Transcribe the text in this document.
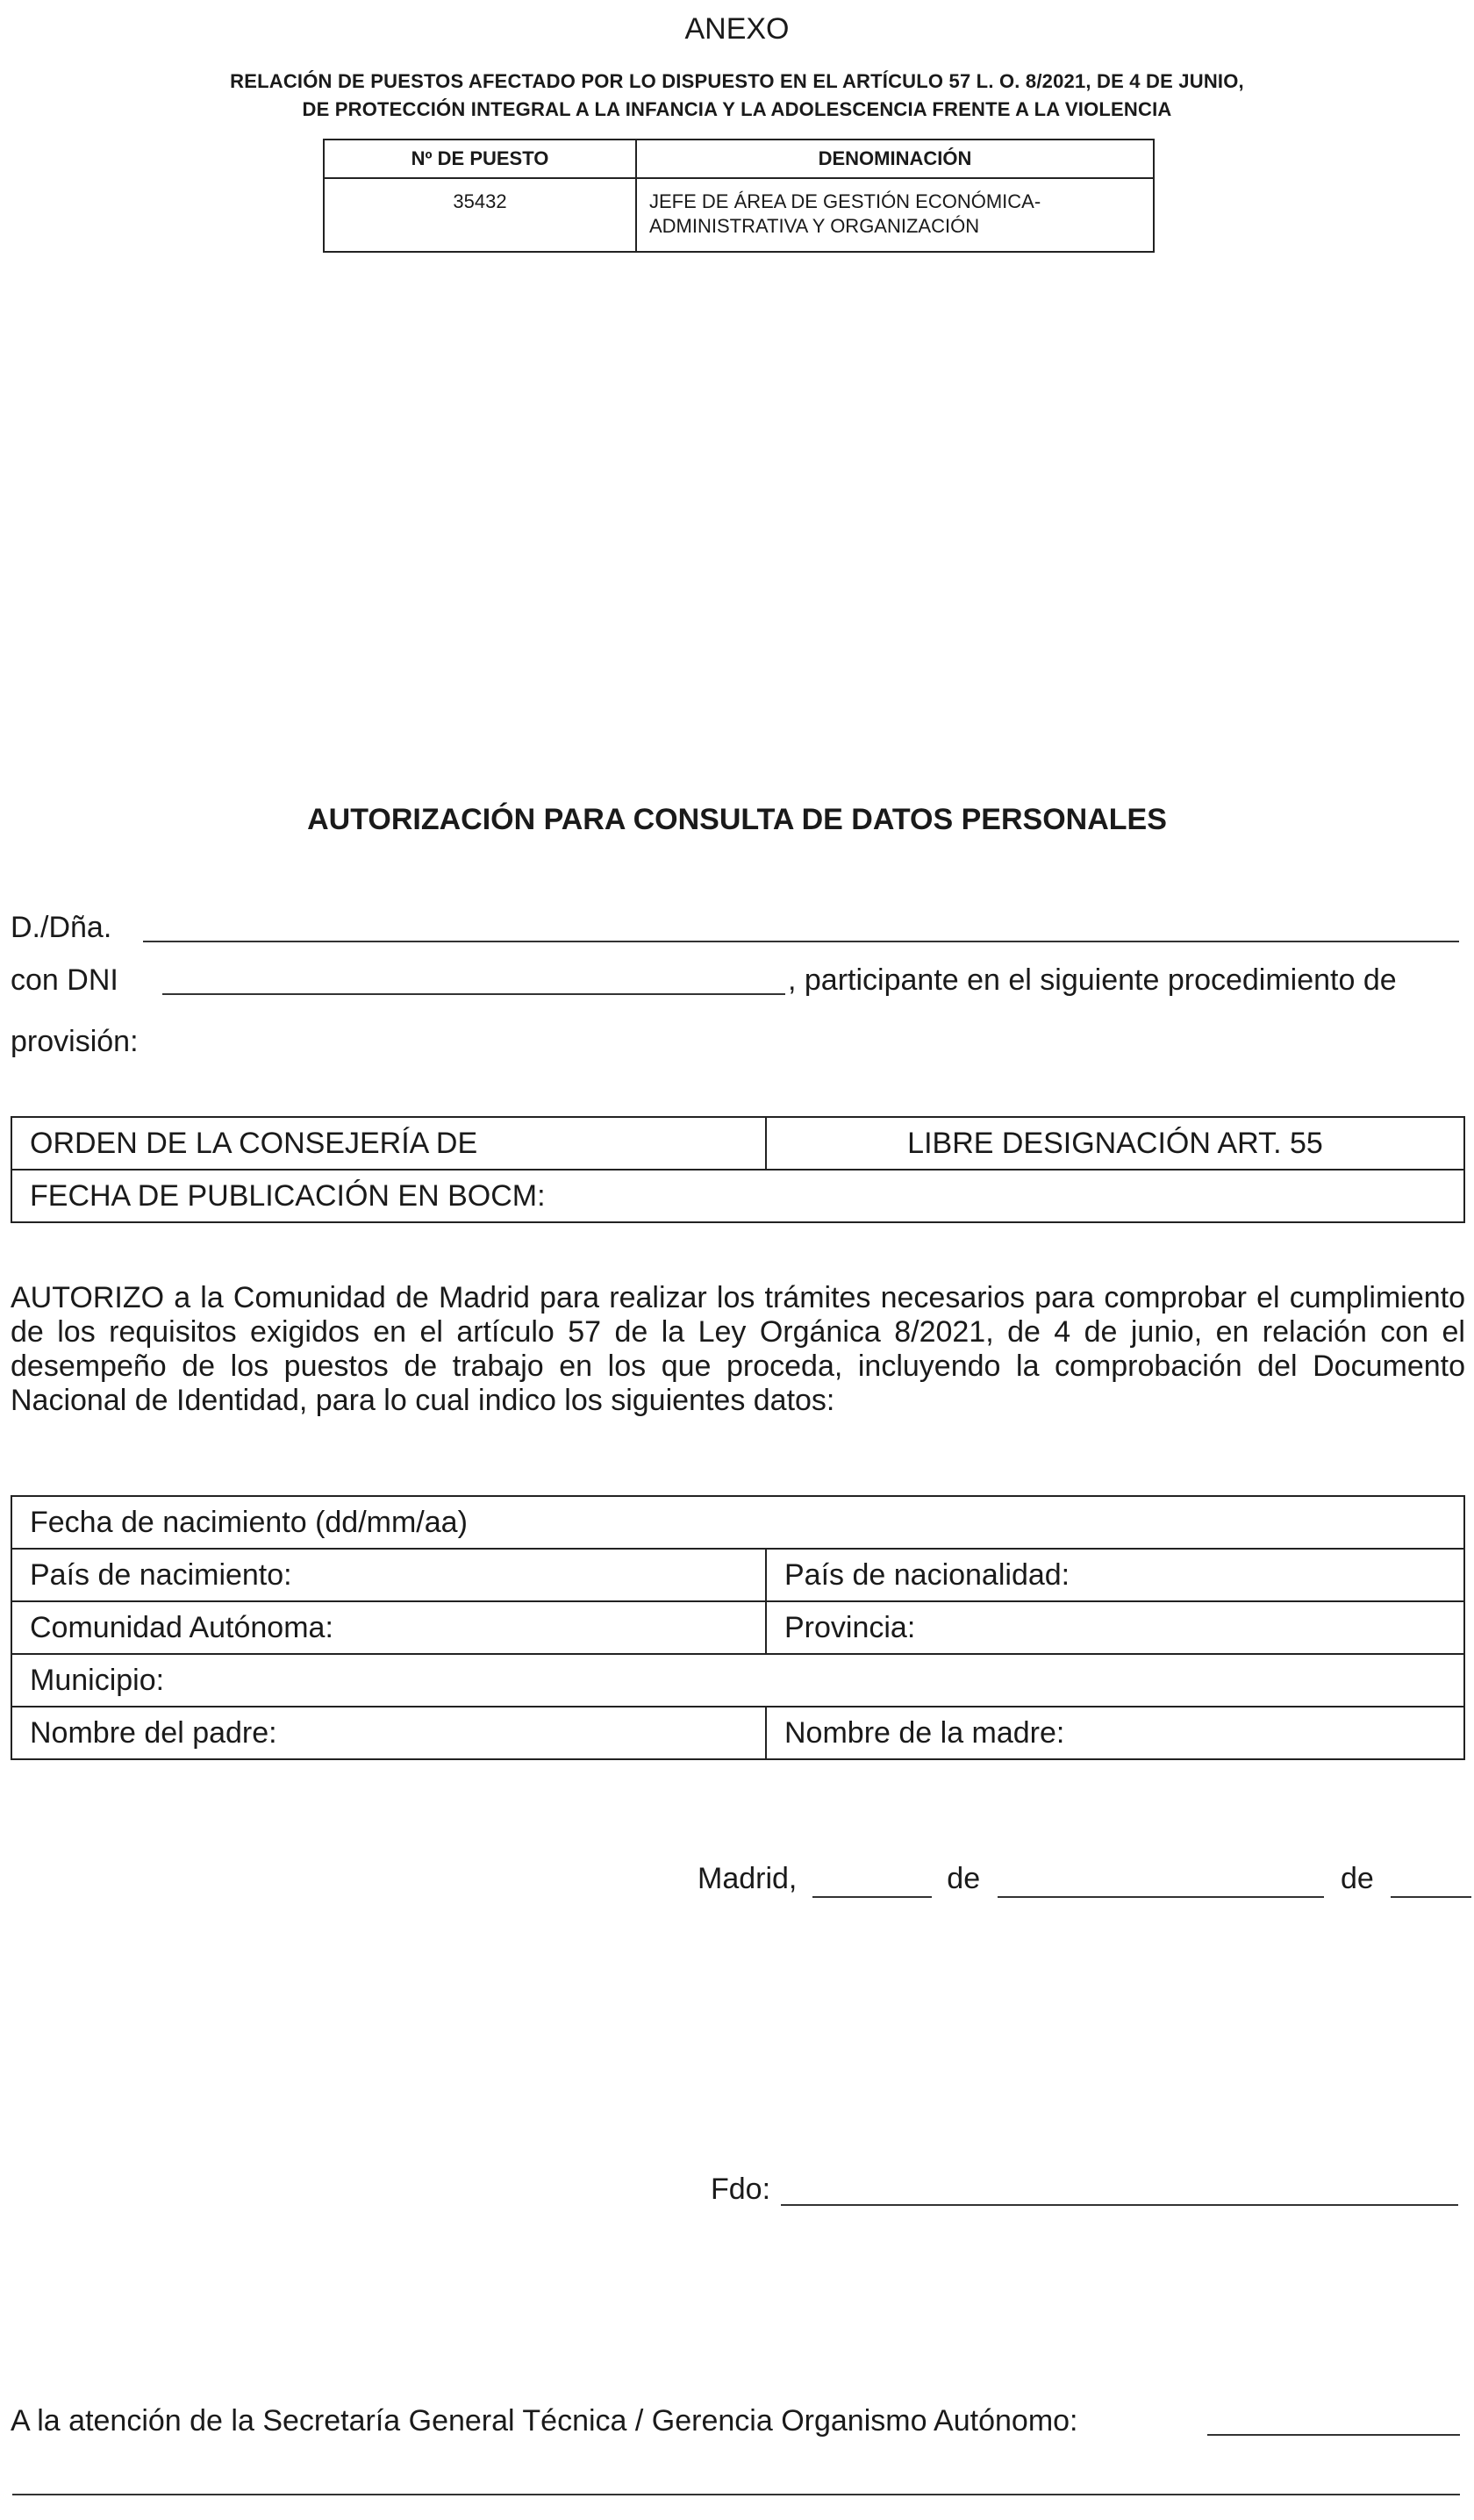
ANEXO
RELACIÓN DE PUESTOS AFECTADO POR LO DISPUESTO EN EL ARTÍCULO 57 L. O. 8/2021, DE 4 DE JUNIO,
DE PROTECCIÓN INTEGRAL A LA INFANCIA Y LA ADOLESCENCIA FRENTE A LA VIOLENCIA
Nº DE PUESTO	DENOMINACIÓN
35432	JEFE DE ÁREA DE GESTIÓN ECONÓMICA-
ADMINISTRATIVA Y ORGANIZACIÓN
AUTORIZACIÓN PARA CONSULTA DE DATOS PERSONALES
D./Dña.
con DNI	, participante en el siguiente procedimiento de
provisión:
ORDEN DE LA CONSEJERÍA DE	LIBRE DESIGNACIÓN ART. 55
FECHA DE PUBLICACIÓN EN BOCM:
AUTORIZO a la Comunidad de Madrid para realizar los trámites necesarios para comprobar el cumplimiento de los requisitos exigidos en el artículo 57 de la Ley Orgánica 8/2021, de 4 de junio, en relación con el desempeño de los puestos de trabajo en los que proceda, incluyendo la comprobación del Documento Nacional de Identidad, para lo cual indico los siguientes datos:
Fecha de nacimiento (dd/mm/aa)	
País de nacimiento:	País de nacionalidad:
Comunidad Autónoma:	Provincia:
Municipio:	
Nombre del padre:	Nombre de la madre:
Madrid,	de	de
Fdo:
A la atención de la Secretaría General Técnica / Gerencia Organismo Autónomo:
